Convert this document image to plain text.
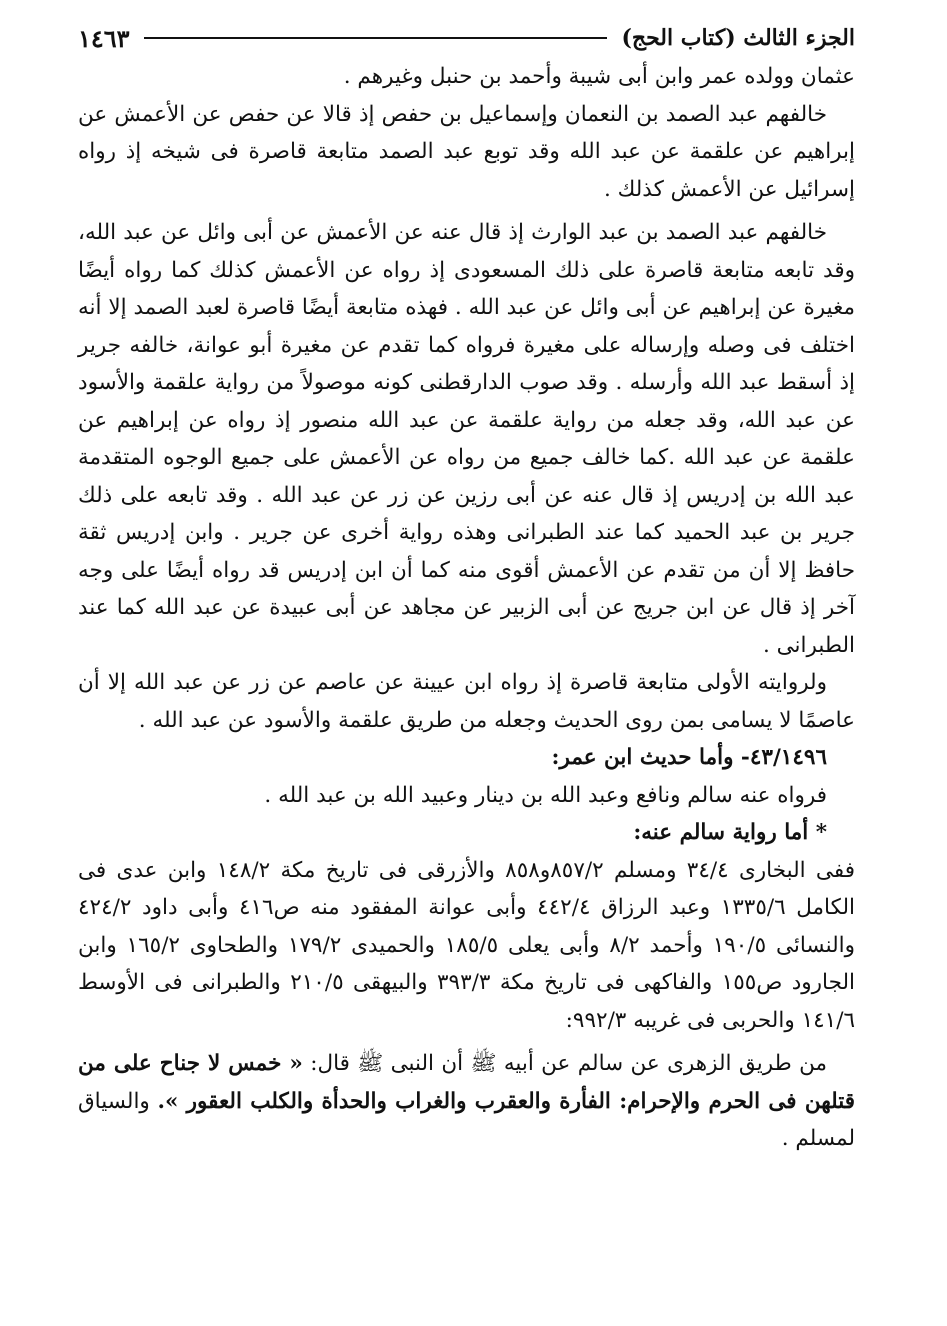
الجزء الثالث (كتاب الحج)
١٤٦٣

عثمان وولده عمر وابن أبى شيبة وأحمد بن حنبل وغيرهم .

خالفهم عبد الصمد بن النعمان وإسماعيل بن حفص إذ قالا عن حفص عن الأعمش عن إبراهيم عن علقمة عن عبد الله وقد توبع عبد الصمد متابعة قاصرة فى شيخه إذ رواه إسرائيل عن الأعمش كذلك .

خالفهم عبد الصمد بن عبد الوارث إذ قال عنه عن الأعمش عن أبى وائل عن عبد الله، وقد تابعه متابعة قاصرة على ذلك المسعودى إذ رواه عن الأعمش كذلك كما رواه أيضًا مغيرة عن إبراهيم عن أبى وائل عن عبد الله . فهذه متابعة أيضًا قاصرة لعبد الصمد إلا أنه اختلف فى وصله وإرساله على مغيرة فرواه كما تقدم عن مغيرة أبو عوانة، خالفه جرير إذ أسقط عبد الله وأرسله . وقد صوب الدارقطنى كونه موصولاً من رواية علقمة والأسود عن عبد الله، وقد جعله من رواية علقمة عن عبد الله منصور إذ رواه عن إبراهيم عن علقمة عن عبد الله .كما خالف جميع من رواه عن الأعمش على جميع الوجوه المتقدمة عبد الله بن إدريس إذ قال عنه عن أبى رزين عن زر عن عبد الله . وقد تابعه على ذلك جرير بن عبد الحميد كما عند الطبرانى وهذه رواية أخرى عن جرير . وابن إدريس ثقة حافظ إلا أن من تقدم عن الأعمش أقوى منه كما أن ابن إدريس قد رواه أيضًا على وجه آخر إذ قال عن ابن جريج عن أبى الزبير عن مجاهد عن أبى عبيدة عن عبد الله كما عند الطبرانى .

ولروايته الأولى متابعة قاصرة إذ رواه ابن عيينة عن عاصم عن زر عن عبد الله إلا أن عاصمًا لا يسامى بمن روى الحديث وجعله من طريق علقمة والأسود عن عبد الله .

٤٣/١٤٩٦- وأما حديث ابن عمر:

فرواه عنه سالم ونافع وعبد الله بن دينار وعبيد الله بن عبد الله .

* أما رواية سالم عنه:

ففى البخارى ٣٤/٤ ومسلم ٨٥٧/٢و٨٥٨ والأزرقى فى تاريخ مكة ١٤٨/٢ وابن عدى فى الكامل ١٣٣٥/٦ وعبد الرزاق ٤٤٢/٤ وأبى عوانة المفقود منه ص٤١٦ وأبى داود ٤٢٤/٢ والنسائى ١٩٠/٥ وأحمد ٨/٢ وأبى يعلى ١٨٥/٥ والحميدى ١٧٩/٢ والطحاوى ١٦٥/٢ وابن الجارود ص١٥٥ والفاكهى فى تاريخ مكة ٣٩٣/٣ والبيهقى ٢١٠/٥ والطبرانى فى الأوسط ١٤١/٦ والحربى فى غريبه ٩٩٢/٣:

من طريق الزهرى عن سالم عن أبيه ﷺ أن النبى ﷺ قال: « خمس لا جناح على من قتلهن فى الحرم والإحرام: الفأرة والعقرب والغراب والحدأة والكلب العقور ». والسياق لمسلم .
